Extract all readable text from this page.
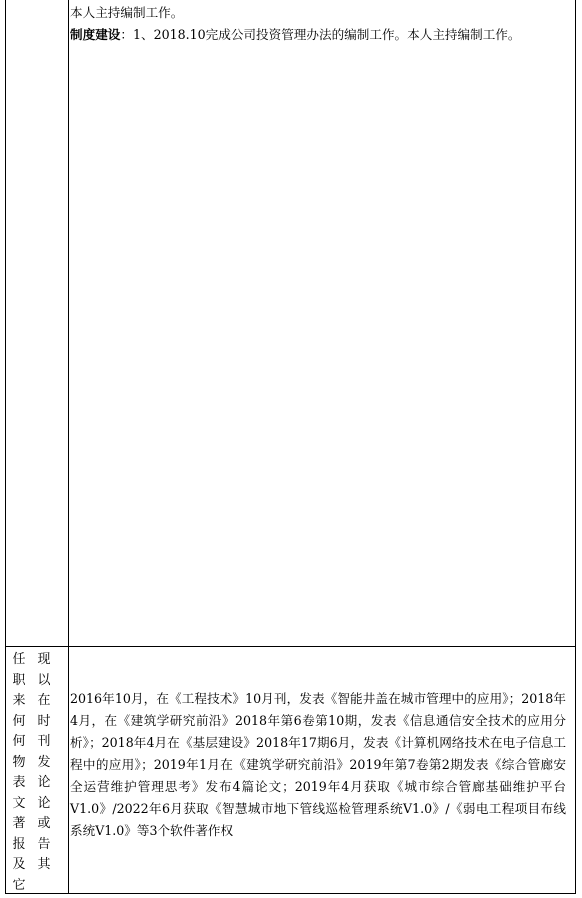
本人主持编制工作。

制度建设：1、2018.10完成公司投资管理办法的编制工作。本人主持编制工作。

任
职
来
何
何
物
表
文
著
报
及
它
现
以
在
时
刊
发
论
论
或
告
其

2016年10月，在《工程技术》10月刊，发表《智能井盖在城市管理中的应用》；2018年4月，在《建筑学研究前沿》2018年第6卷第10期，发表《信息通信安全技术的应用分析》；2018年4月在《基层建设》2018年17期6月，发表《计算机网络技术在电子信息工程中的应用》；2019年1月在《建筑学研究前沿》2019年第7卷第2期发表《综合管廊安全运营维护管理思考》发布4篇论文；2019年4月获取《城市综合管廊基础维护平台V1.0》/2022年6月获取《智慧城市地下管线巡检管理系统V1.0》/《弱电工程项目布线系统V1.0》等3个软件著作权
